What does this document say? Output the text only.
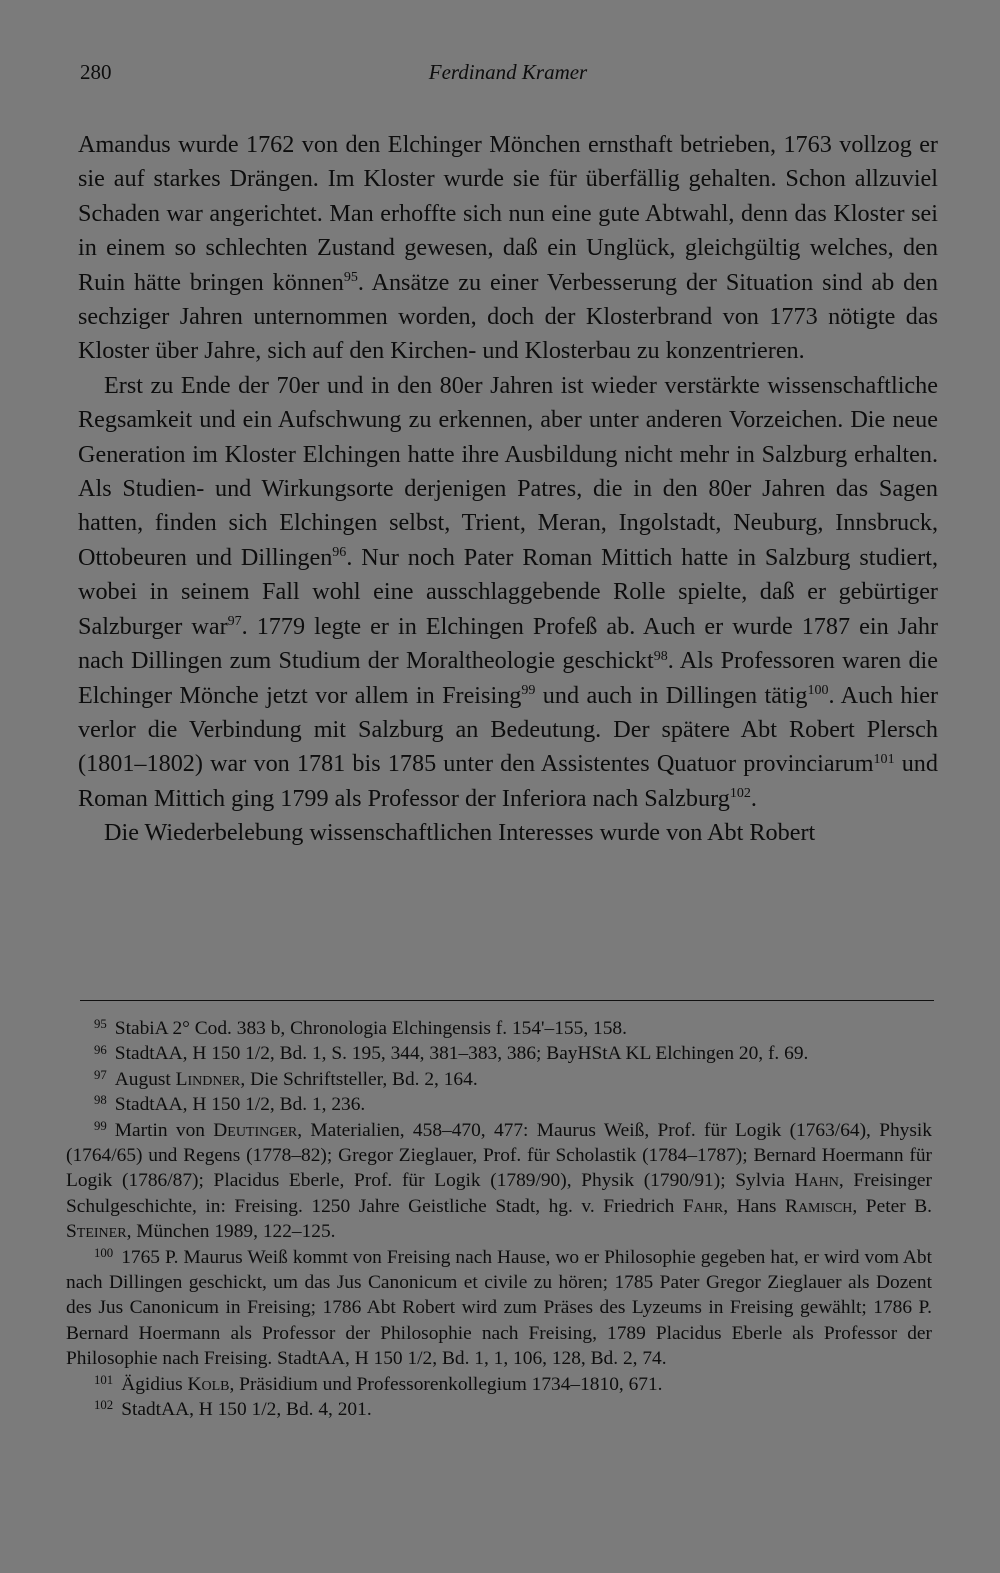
280	Ferdinand Kramer

Amandus wurde 1762 von den Elchinger Mönchen ernsthaft betrieben, 1763 vollzog er sie auf starkes Drängen. Im Kloster wurde sie für überfällig gehalten. Schon allzuviel Schaden war angerichtet. Man erhoffte sich nun eine gute Abtwahl, denn das Kloster sei in einem so schlechten Zustand gewesen, daß ein Unglück, gleichgültig welches, den Ruin hätte bringen können$^{95}$. Ansätze zu einer Verbesserung der Situation sind ab den sechziger Jahren unternommen worden, doch der Klosterbrand von 1773 nötigte das Kloster über Jahre, sich auf den Kirchen- und Klosterbau zu konzentrieren.

Erst zu Ende der 70er und in den 80er Jahren ist wieder verstärkte wissenschaftliche Regsamkeit und ein Aufschwung zu erkennen, aber unter anderen Vorzeichen. Die neue Generation im Kloster Elchingen hatte ihre Ausbildung nicht mehr in Salzburg erhalten. Als Studien- und Wirkungsorte derjenigen Patres, die in den 80er Jahren das Sagen hatten, finden sich Elchingen selbst, Trient, Meran, Ingolstadt, Neuburg, Innsbruck, Ottobeuren und Dillingen$^{96}$. Nur noch Pater Roman Mittich hatte in Salzburg studiert, wobei in seinem Fall wohl eine ausschlaggebende Rolle spielte, daß er gebürtiger Salzburger war$^{97}$. 1779 legte er in Elchingen Profeß ab. Auch er wurde 1787 ein Jahr nach Dillingen zum Studium der Moraltheologie geschickt$^{98}$. Als Professoren waren die Elchinger Mönche jetzt vor allem in Freising$^{99}$ und auch in Dillingen tätig$^{100}$. Auch hier verlor die Verbindung mit Salzburg an Bedeutung. Der spätere Abt Robert Plersch (1801–1802) war von 1781 bis 1785 unter den Assistentes Quatuor provinciarum$^{101}$ und Roman Mittich ging 1799 als Professor der Inferiora nach Salzburg$^{102}$.

Die Wiederbelebung wissenschaftlichen Interesses wurde von Abt Robert

$^{95}$ StabiA 2° Cod. 383 b, Chronologia Elchingensis f. 154'–155, 158.

$^{96}$ StadtAA, H 150 1/2, Bd. 1, S. 195, 344, 381–383, 386; BayHStA KL Elchingen 20, f. 69.

$^{97}$ August Lindner, Die Schriftsteller, Bd. 2, 164.

$^{98}$ StadtAA, H 150 1/2, Bd. 1, 236.

$^{99}$ Martin von Deutinger, Materialien, 458–470, 477: Maurus Weiß, Prof. für Logik (1763/64), Physik (1764/65) und Regens (1778–82); Gregor Zieglauer, Prof. für Scholastik (1784–1787); Bernard Hoermann für Logik (1786/87); Placidus Eberle, Prof. für Logik (1789/90), Physik (1790/91); Sylvia Hahn, Freisinger Schulgeschichte, in: Freising. 1250 Jahre Geistliche Stadt, hg. v. Friedrich Fahr, Hans Ramisch, Peter B. Steiner, München 1989, 122–125.

$^{100}$ 1765 P. Maurus Weiß kommt von Freising nach Hause, wo er Philosophie gegeben hat, er wird vom Abt nach Dillingen geschickt, um das Jus Canonicum et civile zu hören; 1785 Pater Gregor Zieglauer als Dozent des Jus Canonicum in Freising; 1786 Abt Robert wird zum Präses des Lyzeums in Freising gewählt; 1786 P. Bernard Hoermann als Professor der Philosophie nach Freising, 1789 Placidus Eberle als Professor der Philosophie nach Freising. StadtAA, H 150 1/2, Bd. 1, 1, 106, 128, Bd. 2, 74.

$^{101}$ Ägidius Kolb, Präsidium und Professorenkollegium 1734–1810, 671.

$^{102}$ StadtAA, H 150 1/2, Bd. 4, 201.
